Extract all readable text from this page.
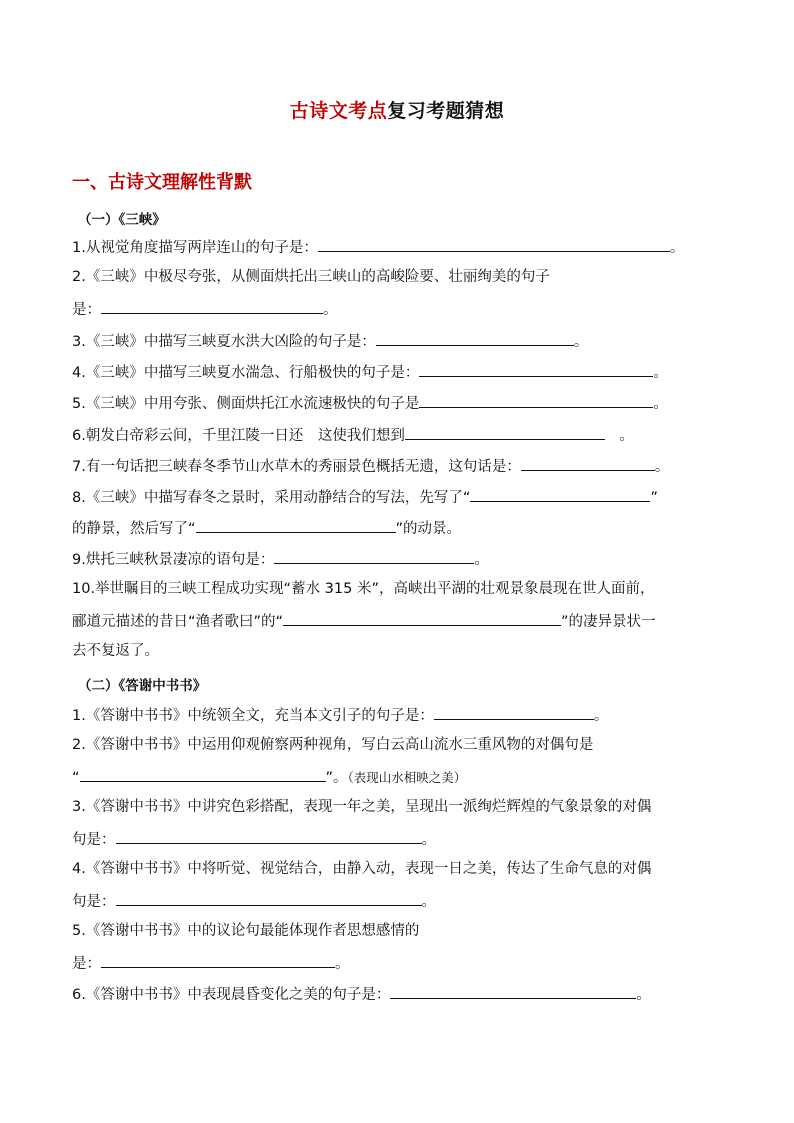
古诗文考点复习考题猜想
一、古诗文理解性背默
（一）《三峡》
1.从视觉角度描写两岸连山的句子是：	。
2.《三峡》中极尽夸张，从侧面烘托出三峡山的高峻险要、壮丽绚美的句子
是：	。
3.《三峡》中描写三峡夏水洪大凶险的句子是：	。
4.《三峡》中描写三峡夏水湍急、行船极快的句子是：	。
5.《三峡》中用夸张、侧面烘托江水流速极快的句子是	。
6.朝发白帝彩云间，千里江陵一日还　这使我们想到	　。
7.有一句话把三峡春冬季节山水草木的秀丽景色概括无遗，这句话是：	。
8.《三峡》中描写春冬之景时，采用动静结合的写法，先写了“	”
的静景，然后写了“	”的动景。
9.烘托三峡秋景凄凉的语句是：	。
10.举世瞩目的三峡工程成功实现“蓄水 315 米”，高峡出平湖的壮观景象晨现在世人面前，
郦道元描述的昔日“渔者歌曰”的“	”的凄异景状一
去不复返了。
（二）《答谢中书书》
1.《答谢中书书》中统领全文，充当本文引子的句子是：	。
2.《答谢中书书》中运用仰观俯察两种视角，写白云高山流水三重风物的对偶句是
“	”。（表现山水相映之美）
3.《答谢中书书》中讲究色彩搭配，表现一年之美，呈现出一派绚烂辉煌的气象景象的对偶
句是：	。
4.《答谢中书书》中将听觉、视觉结合，由静入动，表现一日之美，传达了生命气息的对偶
句是：	。
5.《答谢中书书》中的议论句最能体现作者思想感情的
是：	。
6.《答谢中书书》中表现晨昏变化之美的句子是：	。
